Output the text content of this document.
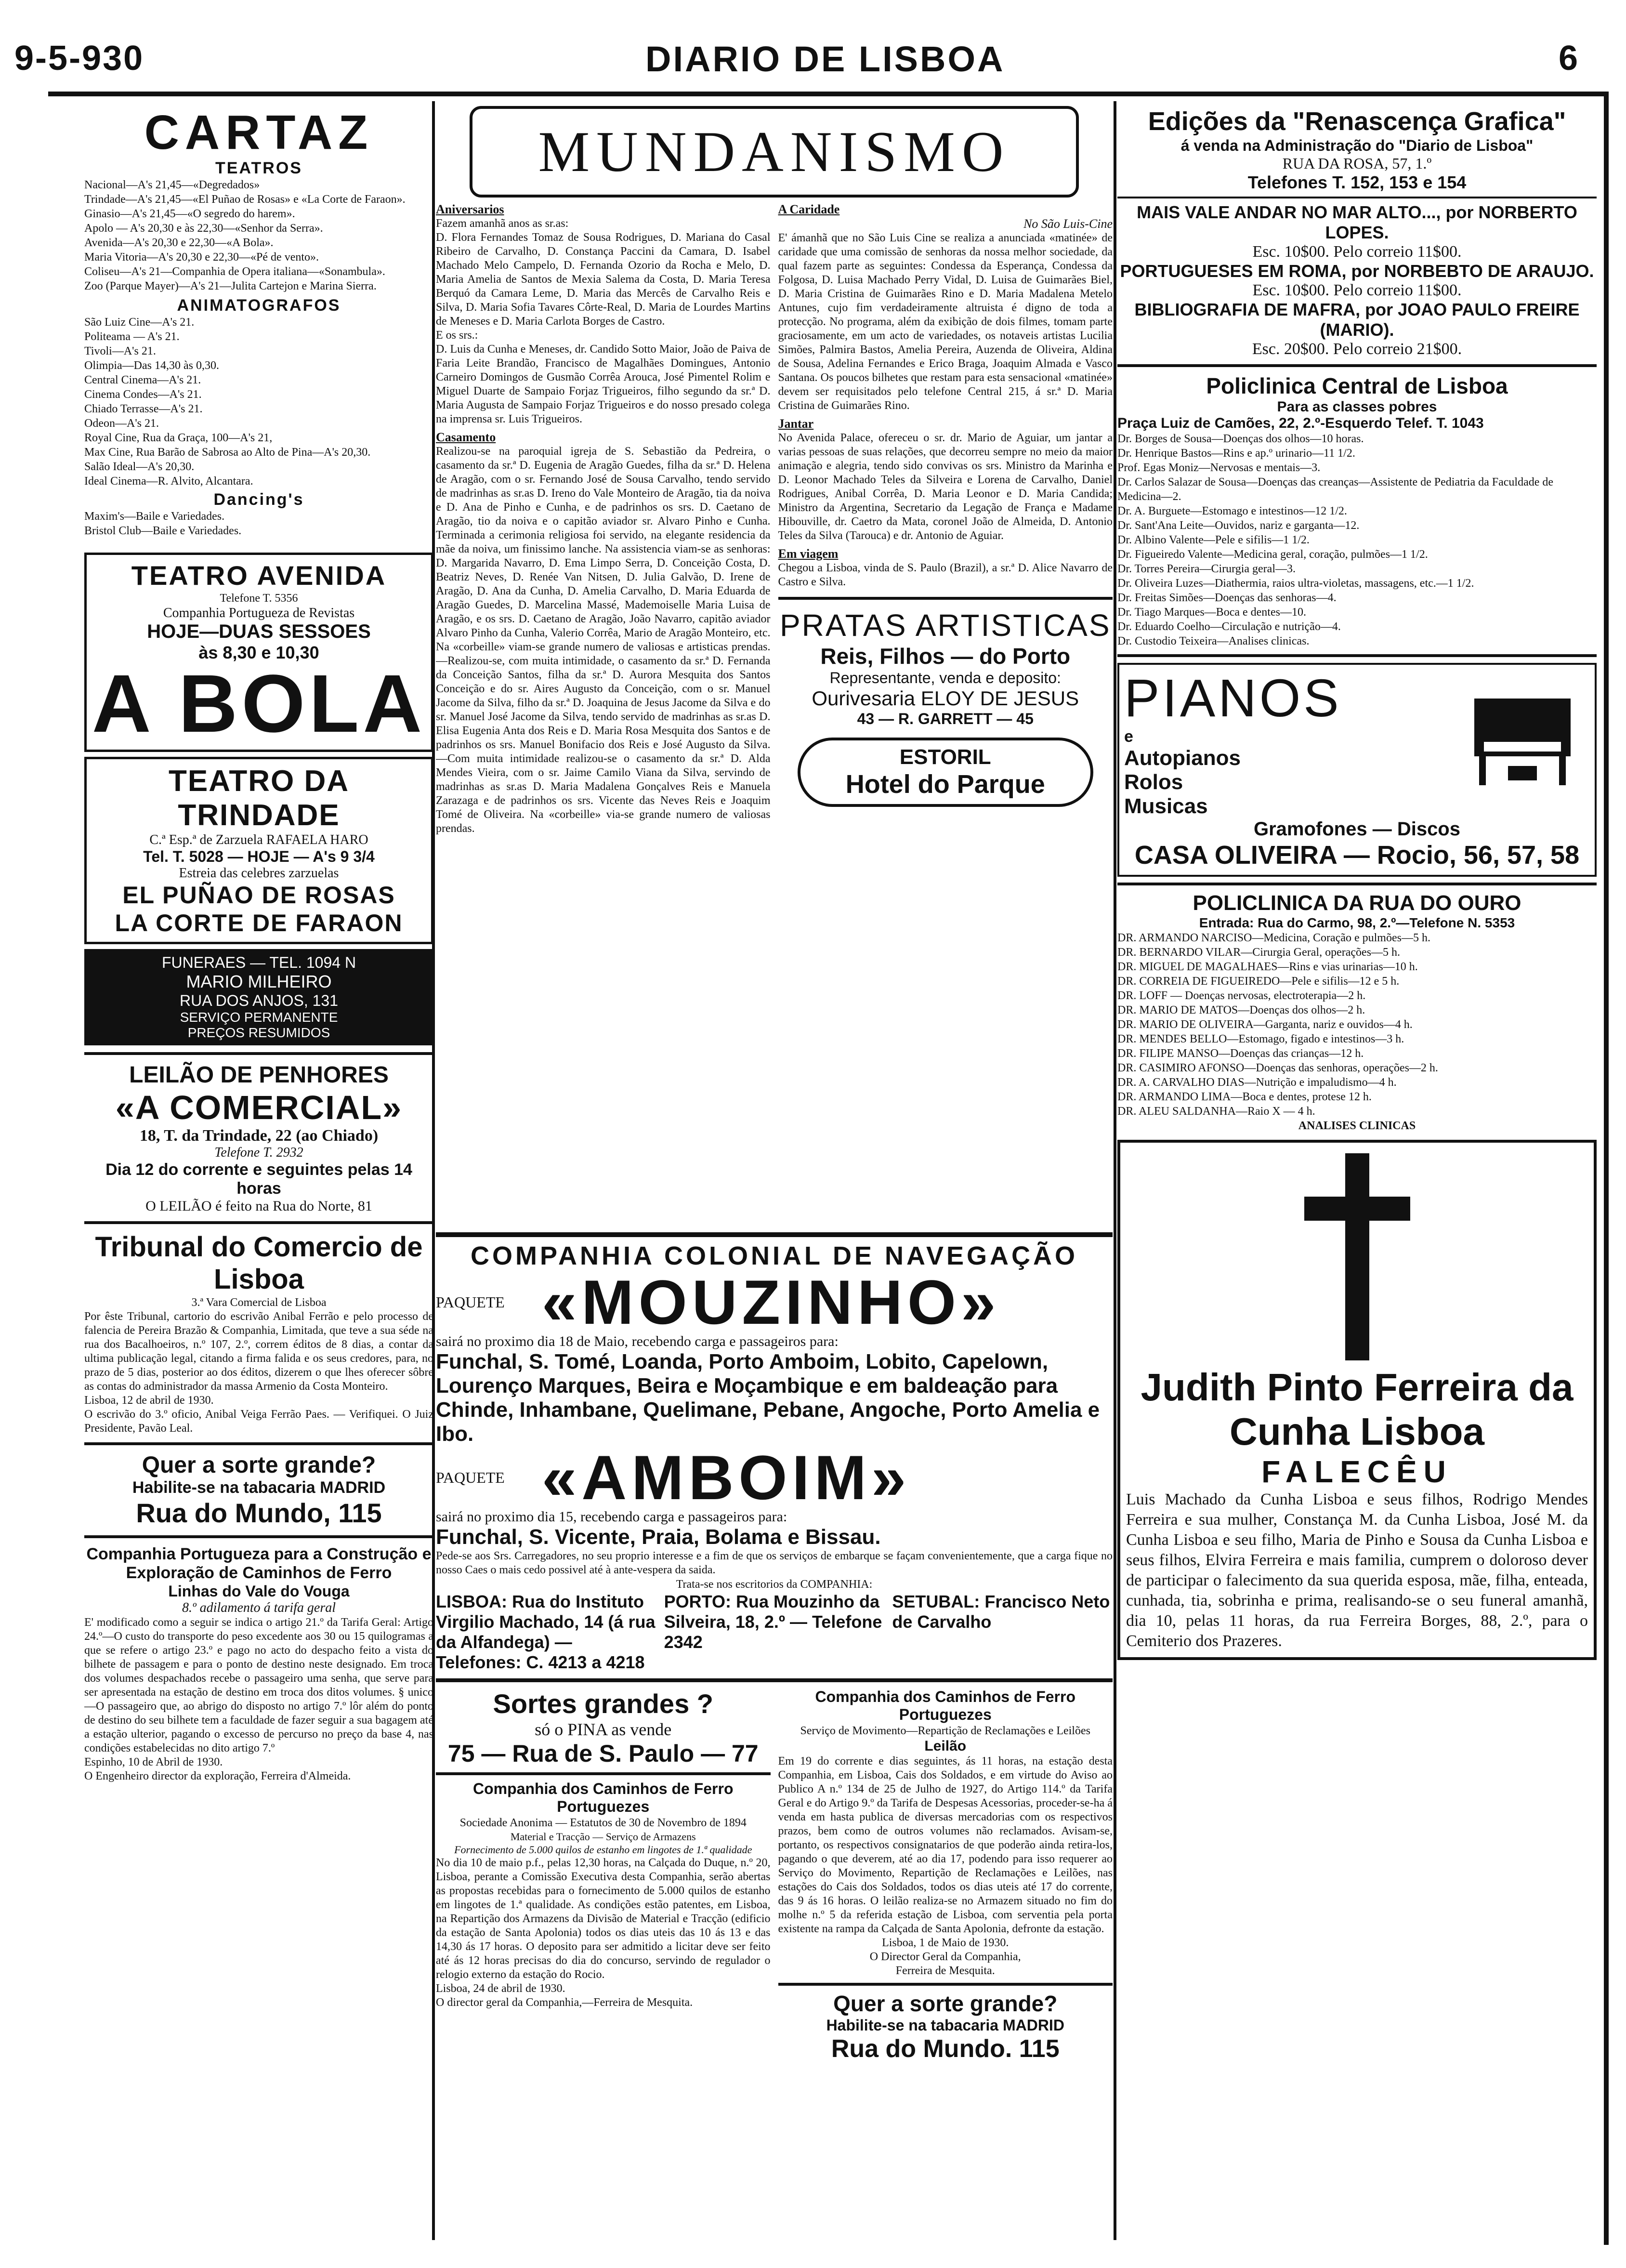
9-5-930	DIARIO DE LISBOA	6
CARTAZ
TEATROS
Nacional—A's 21,45—«Degredados»
Trindade—A's 21,45—«El Puñao de Rosas» e «La Corte de Faraon».
Ginasio—A's 21,45—«O segredo do harem».
Apolo — A's 20,30 e às 22,30—«Senhor da Serra».
Avenida—A's 20,30 e 22,30—«A Bola».
Maria Vitoria—A's 20,30 e 22,30—«Pé de vento».
Coliseu—A's 21—Companhia de Opera italiana—«Sonambula».
Zoo (Parque Mayer)—A's 21—Julita Cartejon e Marina Sierra.
ANIMATOGRAFOS
São Luiz Cine—A's 21.
Politeama — A's 21.
Tivoli—A's 21.
Olimpia—Das 14,30 às 0,30.
Central Cinema—A's 21.
Cinema Condes—A's 21.
Chiado Terrasse—A's 21.
Odeon—A's 21.
Royal Cine, Rua da Graça, 100—A's 21,
Max Cine, Rua Barão de Sabrosa ao Alto de Pina—A's 20,30.
Salão Ideal—A's 20,30.
Ideal Cinema—R. Alvito, Alcantara.
Dancing's
Maxim's—Baile e Variedades.
Bristol Club—Baile e Variedades.
TEATRO AVENIDA
Telefone T. 5356
Companhia Portugueza de Revistas
HOJE—DUAS SESSOES
às 8,30 e 10,30
A BOLA
TEATRO DA TRINDADE
C.ª Esp.ª de Zarzuela RAFAELA HARO
Tel. T. 5028 — HOJE — A's 9 3/4
Estreia das celebres zarzuelas
EL PUÑAO DE ROSAS
LA CORTE DE FARAON
FUNERAES — TEL. 1094 N
MARIO MILHEIRO
RUA DOS ANJOS, 131
SERVIÇO PERMANENTE
PREÇOS RESUMIDOS
LEILÃO DE PENHORES
«A COMERCIAL»
18, T. da Trindade, 22 (ao Chiado)
Telefone T. 2932
Dia 12 do corrente e seguintes pelas 14 horas
O LEILÃO é feito na Rua do Norte, 81
Tribunal do Comercio de Lisboa
3.ª Vara Comercial de Lisboa
Por êste Tribunal, cartorio do escrivão Anibal Ferrão e pelo processo de falencia de Pereira Brazão & Companhia, Limitada, que teve a sua séde na rua dos Bacalhoeiros, n.º 107, 2.º, correm éditos de 8 dias, a contar da ultima publicação legal, citando a firma falida e os seus credores, para, no prazo de 5 dias, posterior ao dos éditos, dizerem o que lhes oferecer sôbre as contas do administrador da massa Armenio da Costa Monteiro.
Lisboa, 12 de abril de 1930.
O escrivão do 3.º oficio, Anibal Veiga Ferrão Paes. — Verifiquei. O Juiz Presidente, Pavão Leal.
Quer a sorte grande?
Habilite-se na tabacaria MADRID
Rua do Mundo, 115
Companhia Portugueza para a Construção e Exploração de Caminhos de Ferro
Linhas do Vale do Vouga
8.º adilamento á tarifa geral
E' modificado como a seguir se indica o artigo 21.º da Tarifa Geral: Artigo 24.º—O custo do transporte do peso excedente aos 30 ou 15 quilogramas a que se refere o artigo 23.º e pago no acto do despacho feito a vista do bilhete de passagem e para o ponto de destino neste designado. Em troca dos volumes despachados recebe o passageiro uma senha, que serve para ser apresentada na estação de destino em troca dos ditos volumes. § unico—O passageiro que, ao abrigo do disposto no artigo 7.º lôr além do ponto de destino do seu bilhete tem a faculdade de fazer seguir a sua bagagem até a estação ulterior, pagando o excesso de percurso no preço da base 4, nas condições estabelecidas no dito artigo 7.º
Espinho, 10 de Abril de 1930.
O Engenheiro director da exploração, Ferreira d'Almeida.
MUNDANISMO
Aniversarios
Fazem amanhã anos as sr.as:
D. Flora Fernandes Tomaz de Sousa Rodrigues, D. Mariana do Casal Ribeiro de Carvalho, D. Constança Paccini da Camara, D. Isabel Machado Melo Campelo, D. Fernanda Ozorio da Rocha e Melo, D. Maria Amelia de Santos de Mexia Salema da Costa, D. Maria Teresa Berquó da Camara Leme, D. Maria das Mercês de Carvalho Reis e Silva, D. Maria Sofia Tavares Côrte-Real, D. Maria de Lourdes Martins de Meneses e D. Maria Carlota Borges de Castro.
E os srs.:
D. Luis da Cunha e Meneses, dr. Candido Sotto Maior, João de Paiva de Faria Leite Brandão, Francisco de Magalhães Domingues, Antonio Carneiro Domingos de Gusmão Corrêa Arouca, José Pimentel Rolim e Miguel Duarte de Sampaio Forjaz Trigueiros, filho segundo da sr.ª D. Maria Augusta de Sampaio Forjaz Trigueiros e do nosso presado colega na imprensa sr. Luis Trigueiros.
Casamento
Realizou-se na paroquial igreja de S. Sebastião da Pedreira, o casamento da sr.ª D. Eugenia de Aragão Guedes, filha da sr.ª D. Helena de Aragão, com o sr. Fernando José de Sousa Carvalho, tendo servido de madrinhas as sr.as D. Ireno do Vale Monteiro de Aragão, tia da noiva e D. Ana de Pinho e Cunha, e de padrinhos os srs. D. Caetano de Aragão, tio da noiva e o capitão aviador sr. Alvaro Pinho e Cunha. Terminada a cerimonia religiosa foi servido, na elegante residencia da mãe da noiva, um finissimo lanche. Na assistencia viam-se as senhoras: D. Margarida Navarro, D. Ema Limpo Serra, D. Conceição Costa, D. Beatriz Neves, D. Renée Van Nitsen, D. Julia Galvão, D. Irene de Aragão, D. Ana da Cunha, D. Amelia Carvalho, D. Maria Eduarda de Aragão Guedes, D. Marcelina Massé, Mademoiselle Maria Luisa de Aragão, e os srs. D. Caetano de Aragão, João Navarro, capitão aviador Alvaro Pinho da Cunha, Valerio Corrêa, Mario de Aragão Monteiro, etc. Na «corbeille» viam-se grande numero de valiosas e artisticas prendas. —Realizou-se, com muita intimidade, o casamento da sr.ª D. Fernanda da Conceição Santos, filha da sr.ª D. Aurora Mesquita dos Santos Conceição e do sr. Aires Augusto da Conceição, com o sr. Manuel Jacome da Silva, filho da sr.ª D. Joaquina de Jesus Jacome da Silva e do sr. Manuel José Jacome da Silva, tendo servido de madrinhas as sr.as D. Elisa Eugenia Anta dos Reis e D. Maria Rosa Mesquita dos Santos e de padrinhos os srs. Manuel Bonifacio dos Reis e José Augusto da Silva. —Com muita intimidade realizou-se o casamento da sr.ª D. Alda Mendes Vieira, com o sr. Jaime Camilo Viana da Silva, servindo de madrinhas as sr.as D. Maria Madalena Gonçalves Reis e Manuela Zarazaga e de padrinhos os srs. Vicente das Neves Reis e Joaquim Tomé de Oliveira. Na «corbeille» via-se grande numero de valiosas prendas.
A Caridade
No São Luis-Cine
E' ámanhã que no São Luis Cine se realiza a anunciada «matinée» de caridade que uma comissão de senhoras da nossa melhor sociedade, da qual fazem parte as seguintes: Condessa da Esperança, Condessa da Folgosa, D. Luisa Machado Perry Vidal, D. Luisa de Guimarães Biel, D. Maria Cristina de Guimarães Rino e D. Maria Madalena Metelo Antunes, cujo fim verdadeiramente altruista é digno de toda a protecção. No programa, além da exibição de dois filmes, tomam parte graciosamente, em um acto de variedades, os notaveis artistas Lucilia Simões, Palmira Bastos, Amelia Pereira, Auzenda de Oliveira, Aldina de Sousa, Adelina Fernandes e Erico Braga, Joaquim Almada e Vasco Santana. Os poucos bilhetes que restam para esta sensacional «matinée» devem ser requisitados pelo telefone Central 215, á sr.ª D. Maria Cristina de Guimarães Rino.
Jantar
No Avenida Palace, ofereceu o sr. dr. Mario de Aguiar, um jantar a varias pessoas de suas relações, que decorreu sempre no meio da maior animação e alegria, tendo sido convivas os srs. Ministro da Marinha e D. Leonor Machado Teles da Silveira e Lorena de Carvalho, Daniel Rodrigues, Anibal Corrêa, D. Maria Leonor e D. Maria Candida; Ministro da Argentina, Secretario da Legação de França e Madame Hibouville, dr. Caetro da Mata, coronel João de Almeida, D. Antonio Teles da Silva (Tarouca) e dr. Antonio de Aguiar.
Em viagem
Chegou a Lisboa, vinda de S. Paulo (Brazil), a sr.ª D. Alice Navarro de Castro e Silva.
PRATAS ARTISTICAS
Reis, Filhos — do Porto
Representante, venda e deposito:
Ourivesaria ELOY DE JESUS
43 — R. GARRETT — 45
ESTORIL
Hotel do Parque
COMPANHIA COLONIAL DE NAVEGAÇÃO
PAQUETE «MOUZINHO»
sairá no proximo dia 18 de Maio, recebendo carga e passageiros para:
Funchal, S. Tomé, Loanda, Porto Amboim, Lobito, Capelown, Lourenço Marques, Beira e Moçambique e em baldeação para Chinde, Inhambane, Quelimane, Pebane, Angoche, Porto Amelia e Ibo.
PAQUETE «AMBOIM»
sairá no proximo dia 15, recebendo carga e passageiros para:
Funchal, S. Vicente, Praia, Bolama e Bissau.
Pede-se aos Srs. Carregadores, no seu proprio interesse e a fim de que os serviços de embarque se façam convenientemente, que a carga fique no nosso Caes o mais cedo possivel até à ante-vespera da saida.
Trata-se nos escritorios da COMPANHIA:
LISBOA: Rua do Instituto Virgilio Machado, 14 (á rua da Alfandega) — Telefones: C. 4213 a 4218
PORTO: Rua Mouzinho da Silveira, 18, 2.º — Telefone 2342
SETUBAL: Francisco Neto de Carvalho
Sortes grandes ?
só o PINA as vende
75 — Rua de S. Paulo — 77
Companhia dos Caminhos de Ferro Portuguezes
Sociedade Anonima — Estatutos de 30 de Novembro de 1894
Material e Tracção — Serviço de Armazens
Fornecimento de 5.000 quilos de estanho em lingotes de 1.ª qualidade
No dia 10 de maio p.f., pelas 12,30 horas, na Calçada do Duque, n.º 20, Lisboa, perante a Comissão Executiva desta Companhia, serão abertas as propostas recebidas para o fornecimento de 5.000 quilos de estanho em lingotes de 1.ª qualidade. As condições estão patentes, em Lisboa, na Repartição dos Armazens da Divisão de Material e Tracção (edificio da estação de Santa Apolonia) todos os dias uteis das 10 ás 13 e das 14,30 ás 17 horas. O deposito para ser admitido a licitar deve ser feito até ás 12 horas precisas do dia do concurso, servindo de regulador o relogio externo da estação do Rocio.
Lisboa, 24 de abril de 1930.
O director geral da Companhia,—Ferreira de Mesquita.
Companhia dos Caminhos de Ferro Portuguezes
Serviço de Movimento—Repartição de Reclamações e Leilões
Leilão
Em 19 do corrente e dias seguintes, ás 11 horas, na estação desta Companhia, em Lisboa, Cais dos Soldados, e em virtude do Aviso ao Publico A n.º 134 de 25 de Julho de 1927, do Artigo 114.º da Tarifa Geral e do Artigo 9.º da Tarifa de Despesas Acessorias, proceder-se-ha á venda em hasta publica de diversas mercadorias com os respectivos prazos, bem como de outros volumes não reclamados. Avisam-se, portanto, os respectivos consignatarios de que poderão ainda retira-los, pagando o que deverem, até ao dia 17, podendo para isso requerer ao Serviço do Movimento, Repartição de Reclamações e Leilões, nas estações do Cais dos Soldados, todos os dias uteis até 17 do corrente, das 9 ás 16 horas. O leilão realiza-se no Armazem situado no fim do molhe n.º 5 da referida estação de Lisboa, com serventia pela porta existente na rampa da Calçada de Santa Apolonia, defronte da estação.
Lisboa, 1 de Maio de 1930.
O Director Geral da Companhia,
Ferreira de Mesquita.
Quer a sorte grande?
Habilite-se na tabacaria MADRID
Rua do Mundo. 115
Edições da "Renascença Grafica"
á venda na Administração do "Diario de Lisboa"
RUA DA ROSA, 57, 1.º
Telefones T. 152, 153 e 154
MAIS VALE ANDAR NO MAR ALTO..., por NORBERTO LOPES.
Esc. 10$00. Pelo correio 11$00.
PORTUGUESES EM ROMA, por NORBEBTO DE ARAUJO.
Esc. 10$00. Pelo correio 11$00.
BIBLIOGRAFIA DE MAFRA, por JOAO PAULO FREIRE (MARIO).
Esc. 20$00. Pelo correio 21$00.
Policlinica Central de Lisboa
Para as classes pobres
Praça Luiz de Camões, 22, 2.º-Esquerdo Telef. T. 1043
Dr. Borges de Sousa—Doenças dos olhos—10 horas.
Dr. Henrique Bastos—Rins e ap.º urinario—11 1/2.
Prof. Egas Moniz—Nervosas e mentais—3.
Dr. Carlos Salazar de Sousa—Doenças das creanças—Assistente de Pediatria da Faculdade de Medicina—2.
Dr. A. Burguete—Estomago e intestinos—12 1/2.
Dr. Sant'Ana Leite—Ouvidos, nariz e garganta—12.
Dr. Albino Valente—Pele e sifilis—1 1/2.
Dr. Figueiredo Valente—Medicina geral, coração, pulmões—1 1/2.
Dr. Torres Pereira—Cirurgia geral—3.
Dr. Oliveira Luzes—Diathermia, raios ultra-violetas, massagens, etc.—1 1/2.
Dr. Freitas Simões—Doenças das senhoras—4.
Dr. Tiago Marques—Boca e dentes—10.
Dr. Eduardo Coelho—Circulação e nutrição—4.
Dr. Custodio Teixeira—Analises clinicas.
PIANOS
e
Autopianos
Rolos
Musicas
Gramofones — Discos
CASA OLIVEIRA — Rocio, 56, 57, 58
POLICLINICA DA RUA DO OURO
Entrada: Rua do Carmo, 98, 2.º—Telefone N. 5353
DR. ARMANDO NARCISO—Medicina, Coração e pulmões—5 h.
DR. BERNARDO VILAR—Cirurgia Geral, operações—5 h.
DR. MIGUEL DE MAGALHAES—Rins e vias urinarias—10 h.
DR. CORREIA DE FIGUEIREDO—Pele e sifilis—12 e 5 h.
DR. LOFF — Doenças nervosas, electroterapia—2 h.
DR. MARIO DE MATOS—Doenças dos olhos—2 h.
DR. MARIO DE OLIVEIRA—Garganta, nariz e ouvidos—4 h.
DR. MENDES BELLO—Estomago, figado e intestinos—3 h.
DR. FILIPE MANSO—Doenças das crianças—12 h.
DR. CASIMIRO AFONSO—Doenças das senhoras, operações—2 h.
DR. A. CARVALHO DIAS—Nutrição e impaludismo—4 h.
DR. ARMANDO LIMA—Boca e dentes, protese 12 h.
DR. ALEU SALDANHA—Raio X — 4 h.
ANALISES CLINICAS
Judith Pinto Ferreira da Cunha Lisboa
FALECÊU
Luis Machado da Cunha Lisboa e seus filhos, Rodrigo Mendes Ferreira e sua mulher, Constança M. da Cunha Lisboa, José M. da Cunha Lisboa e seu filho, Maria de Pinho e Sousa da Cunha Lisboa e seus filhos, Elvira Ferreira e mais familia, cumprem o doloroso dever de participar o falecimento da sua querida esposa, mãe, filha, enteada, cunhada, tia, sobrinha e prima, realisando-se o seu funeral amanhã, dia 10, pelas 11 horas, da rua Ferreira Borges, 88, 2.º, para o Cemiterio dos Prazeres.
